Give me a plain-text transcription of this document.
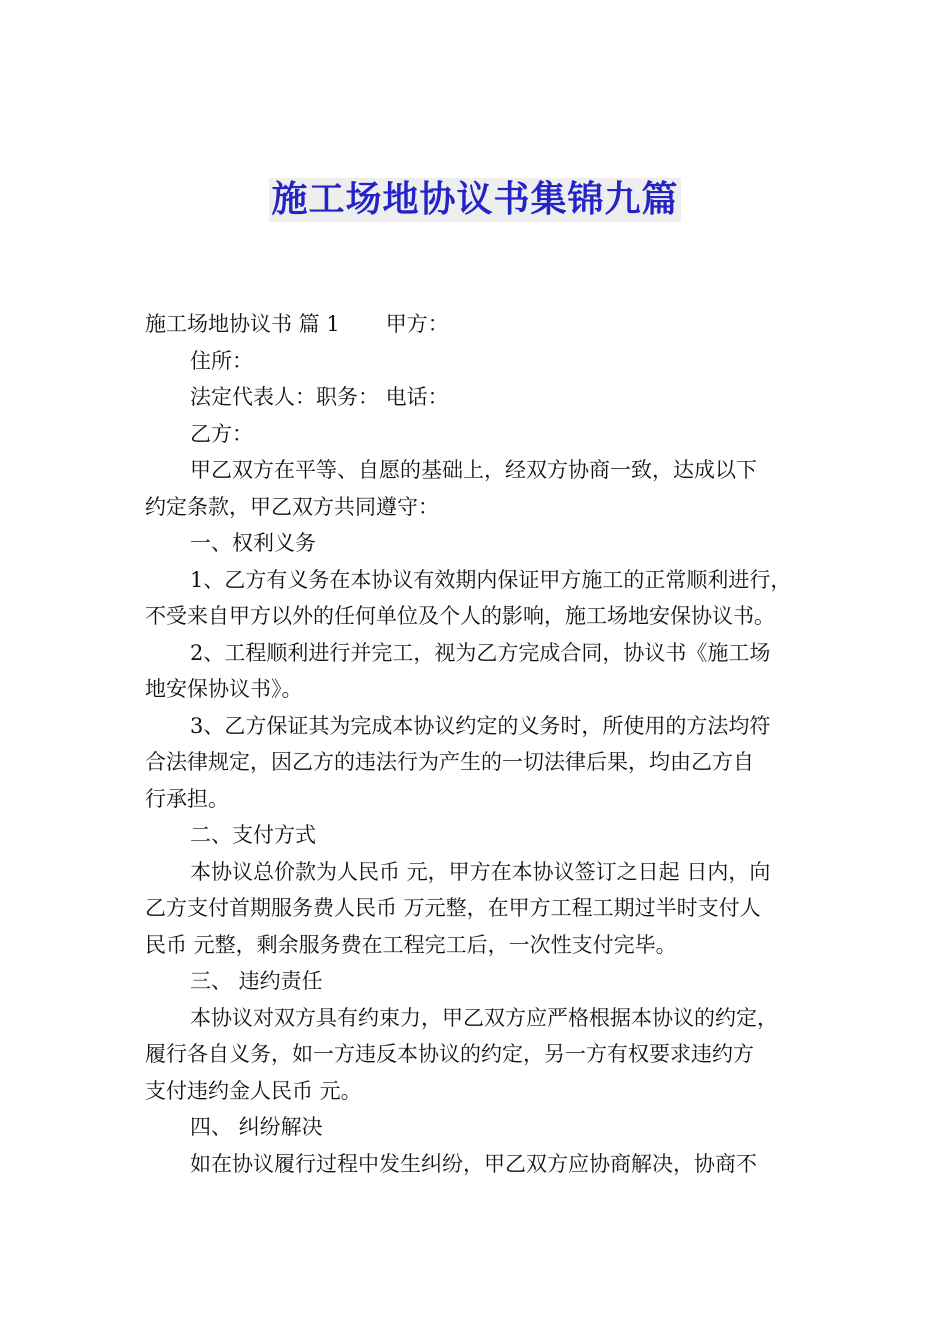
施工场地协议书集锦九篇
施工场地协议书 篇 1 甲方：
住所：
法定代表人：职务： 电话：
乙方：
甲乙双方在平等、自愿的基础上，经双方协商一致，达成以下
约定条款，甲乙双方共同遵守：
一、权利义务
1、乙方有义务在本协议有效期内保证甲方施工的正常顺利进行，
不受来自甲方以外的任何单位及个人的影响，施工场地安保协议书。
2、工程顺利进行并完工，视为乙方完成合同，协议书《施工场
地安保协议书》。
3、乙方保证其为完成本协议约定的义务时，所使用的方法均符
合法律规定，因乙方的违法行为产生的一切法律后果，均由乙方自
行承担。
二、支付方式
本协议总价款为人民币 元，甲方在本协议签订之日起 日内，向
乙方支付首期服务费人民币 万元整，在甲方工程工期过半时支付人
民币 元整，剩余服务费在工程完工后，一次性支付完毕。
三、 违约责任
本协议对双方具有约束力，甲乙双方应严格根据本协议的约定，
履行各自义务，如一方违反本协议的约定，另一方有权要求违约方
支付违约金人民币 元。
四、 纠纷解决
如在协议履行过程中发生纠纷，甲乙双方应协商解决，协商不
